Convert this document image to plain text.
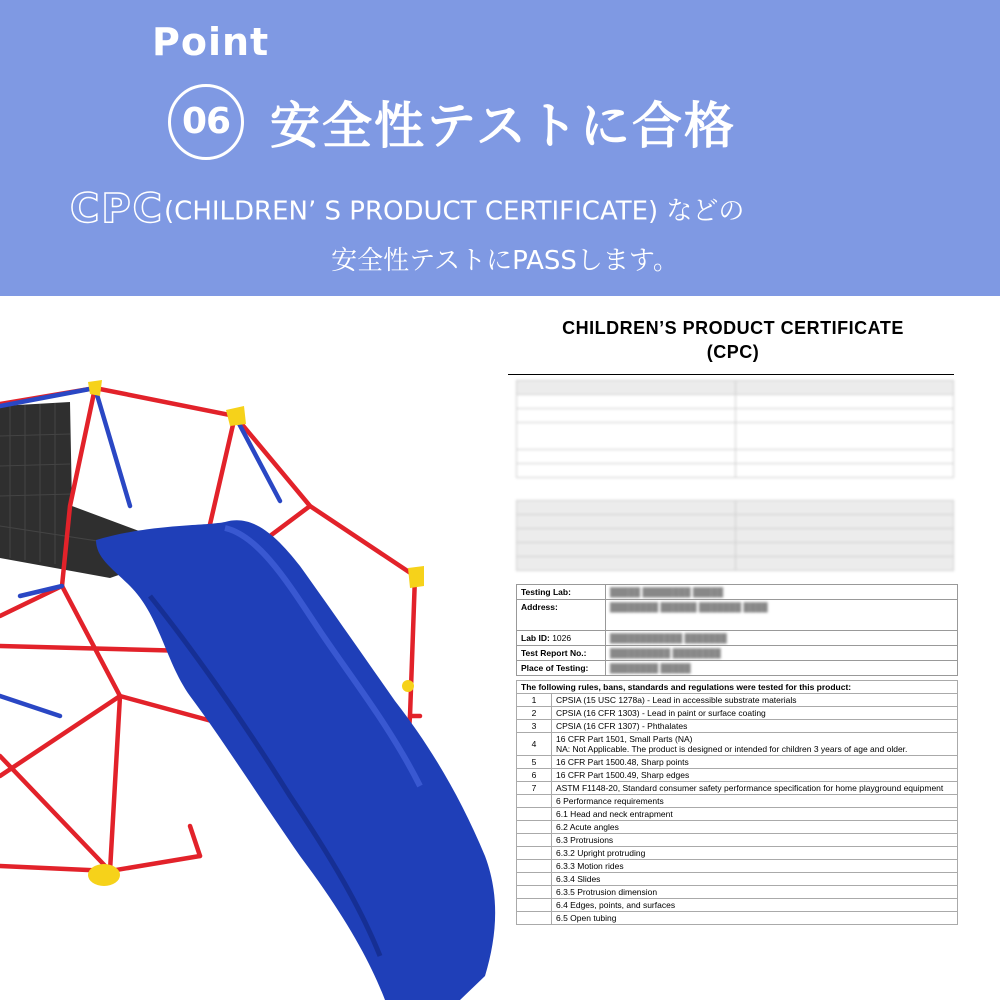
Point
06 安全性テストに合格
CPC(CHILDREN’ S PRODUCT CERTIFICATE) などの
安全性テストにPASSします。
CHILDREN’S PRODUCT CERTIFICATE
(CPC)

Testing Lab:	█████ ████████ █████
Address:	████████ ██████ ███████ ████
Lab ID: 1026	████████████ ███████
Test Report No.:	██████████ ████████
Place of Testing:	████████ █████
The following rules, bans, standards and regulations were tested for this product:	
1	CPSIA (15 USC 1278a) - Lead in accessible substrate materials

2	CPSIA (16 CFR 1303) - Lead in paint or surface coating

3	CPSIA (16 CFR 1307) - Phthalates

4	16 CFR Part 1501, Small Parts (NA)
NA: Not Applicable. The product is designed or intended for children 3 years of age and older.

5	16 CFR Part 1500.48, Sharp points

6	16 CFR Part 1500.49, Sharp edges

7	ASTM F1148-20, Standard consumer safety performance specification for home playground equipment

	6 Performance requirements

	6.1 Head and neck entrapment

	6.2 Acute angles

	6.3 Protrusions

	6.3.2 Upright protruding

	6.3.3 Motion rides

	6.3.4 Slides

	6.3.5 Protrusion dimension

	6.4 Edges, points, and surfaces

	6.5 Open tubing
